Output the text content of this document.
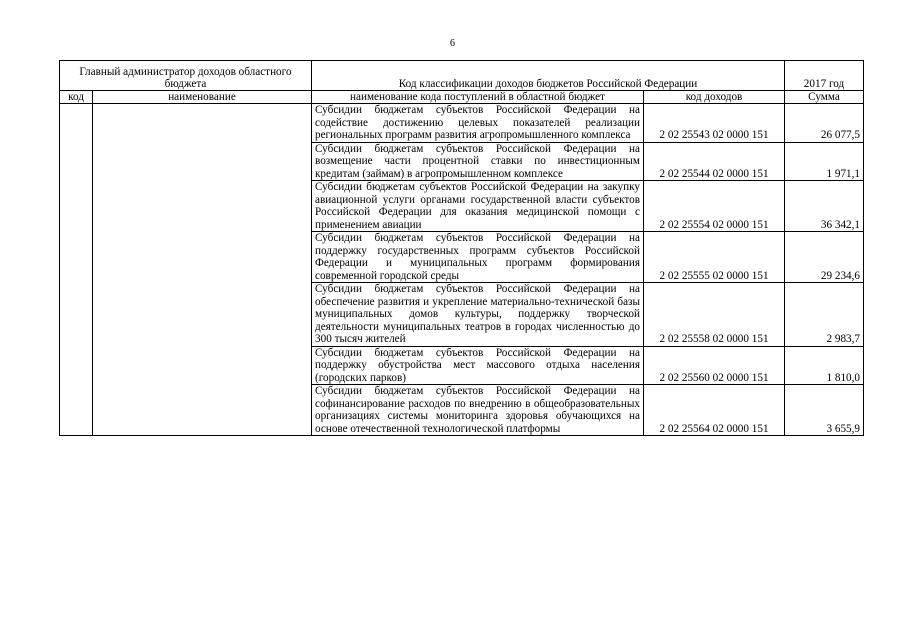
6
Главный администратор доходов областного бюджета		Код классификации доходов бюджетов Российской Федерации		2017 год
код	наименование	наименование кода поступлений в областной бюджет	код доходов	Сумма
		Субсидии бюджетам субъектов Российской Федерации на содействие достижению целевых показателей реализации региональных программ развития агропромышленного комплекса	2 02 25543 02 0000 151	26 077,5
		Субсидии бюджетам субъектов Российской Федерации на возмещение части процентной ставки по инвестиционным кредитам (займам) в агропромышленном комплексе	2 02 25544 02 0000 151	1 971,1
		Субсидии бюджетам субъектов Российской Федерации на закупку авиационной услуги органами государственной власти субъектов Российской Федерации для оказания медицинской помощи с применением авиации	2 02 25554 02 0000 151	36 342,1
		Субсидии бюджетам субъектов Российской Федерации на поддержку государственных программ субъектов Российской Федерации и муниципальных программ формирования современной городской среды	2 02 25555 02 0000 151	29 234,6
		Субсидии бюджетам субъектов Российской Федерации на обеспечение развития и укрепление материально-технической базы муниципальных домов культуры, поддержку творческой деятельности муниципальных театров в городах численностью до 300 тысяч жителей	2 02 25558 02 0000 151	2 983,7
		Субсидии бюджетам субъектов Российской Федерации на поддержку обустройства мест массового отдыха населения (городских парков)	2 02 25560 02 0000 151	1 810,0
		Субсидии бюджетам субъектов Российской Федерации на софинансирование расходов по внедрению в общеобразовательных организациях системы мониторинга здоровья обучающихся на основе отечественной технологической платформы	2 02 25564 02 0000 151	3 655,9
